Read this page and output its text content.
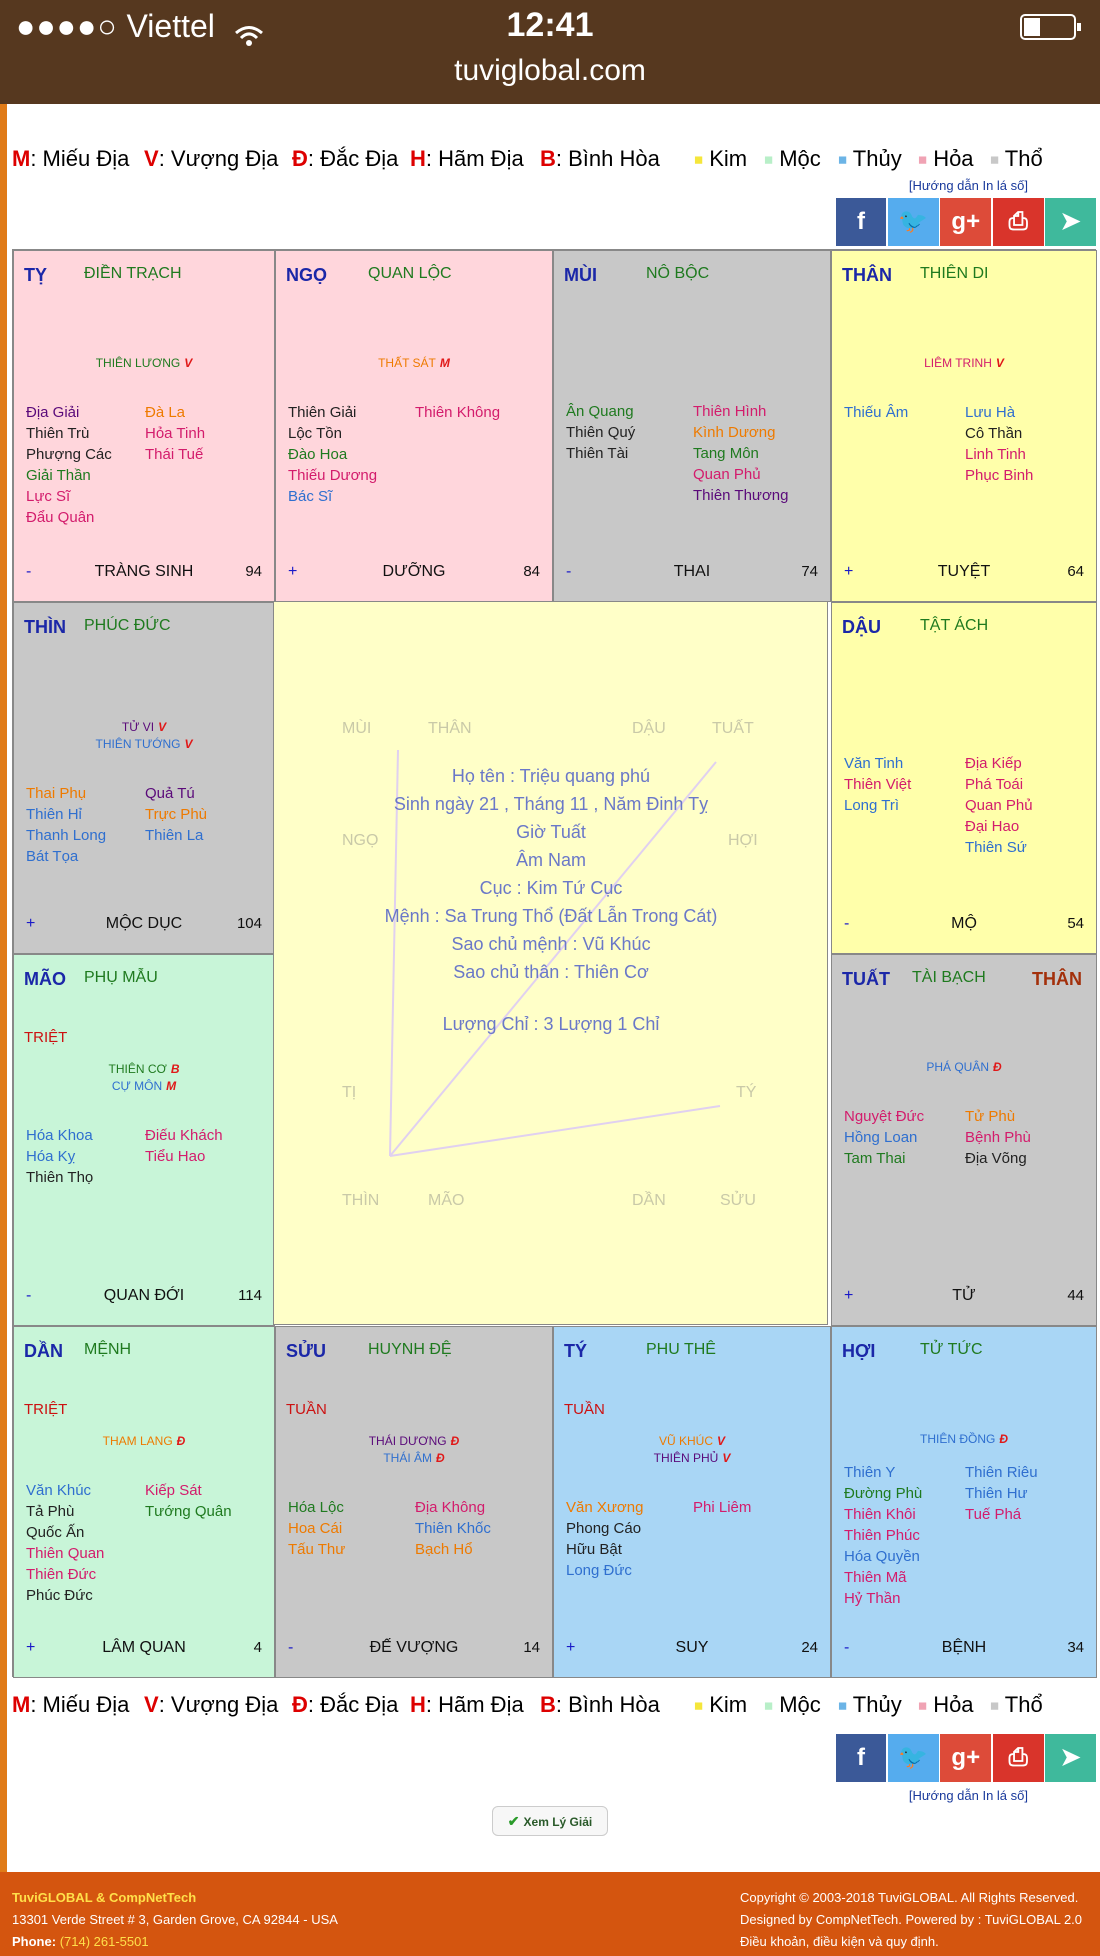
●●●●○ Viettel	12:41
tuviglobal.com
M: Miếu Địa V: Vượng Địa Đ: Đắc Địa H: Hãm Địa B: Bình Hòa ■ Kim ■ Mộc ■ Thủy ■ Hỏa ■ Thổ
[Hướng dẫn In lá số]
f	🐦 g+	⎙	➤
TỴ ĐIỀN TRẠCH
THIÊN LƯƠNG V
Địa Giải
Thiên Trù
Phượng Các
Giải Thần
Lực Sĩ
Đẩu Quân
Đà La
Hỏa Tinh
Thái Tuế
-	TRÀNG SINH	94
NGỌ	QUAN LỘC
THẤT SÁT M
Thiên Giải
Lộc Tồn
Đào Hoa
Thiếu Dương
Bác Sĩ
Thiên Không
+	DƯỠNG	84
MÙI	NÔ BỘC
Ân Quang
Thiên Quý
Thiên Tài
Thiên Hình
Kình Dương
Tang Môn
Quan Phủ
Thiên Thương
-	THAI	74
THÂN THIÊN DI
LIÊM TRINH V
Thiếu Âm	Lưu Hà
Cô Thần
Linh Tinh
Phục Binh
+	TUYỆT	64
THÌN PHÚC ĐỨC
TỬ VI V
THIÊN TƯỚNG V
Thai Phụ
Thiên Hỉ
Thanh Long
Bát Tọa
Quả Tú
Trực Phù
Thiên La
+	MỘC DỤC	104
DẬU TẬT ÁCH
Văn Tinh
Thiên Việt
Long Trì
Địa Kiếp
Phá Toái
Quan Phủ
Đại Hao
Thiên Sứ
-	MỘ	54
MÃO PHỤ MẪU
TRIỆT
THIÊN CƠ B
CỰ MÔN M
Hóa Khoa
Hóa Kỵ
Thiên Thọ
Điếu Khách
Tiểu Hao
-	QUAN ĐỚI	114
TUẤT TÀI BẠCH	THÂN
PHÁ QUÂN Đ
Nguyệt Đức
Hồng Loan
Tam Thai
Tử Phù
Bệnh Phù
Địa Võng
+	TỬ	44
DẦN MỆNH
TRIỆT
THAM LANG Đ
Văn Khúc
Tả Phù
Quốc Ấn
Thiên Quan
Thiên Đức
Phúc Đức
Kiếp Sát
Tướng Quân
+	LÂM QUAN	4
SỬU	HUYNH ĐỆ
TUẦN
THÁI DƯƠNG Đ
THÁI ÂM Đ
Hóa Lộc
Hoa Cái
Tấu Thư
Địa Không
Thiên Khốc
Bạch Hổ
-	ĐẾ VƯỢNG	14
TÝ	PHU THÊ
TUẦN
VŨ KHÚC V
THIÊN PHỦ V
Văn Xương
Phong Cáo
Hữu Bật
Long Đức
Phi Liêm
+	SUY	24
HỢI	TỬ TỨC
THIÊN ĐỒNG Đ
Thiên Y
Đường Phù
Thiên Khôi
Thiên Phúc
Hóa Quyền
Thiên Mã
Hỷ Thần
Thiên Riêu
Thiên Hư
Tuế Phá
-	BỆNH	34
MÙI	THÂN	DẬU	TUẤT
NGỌ	HỢI
TỊ	TÝ
THÌN	MÃO	DẦN	SỬU
Họ tên : Triệu quang phú
Sinh ngày 21 , Tháng 11 , Năm Đinh Tỵ
Giờ Tuất
Âm Nam
Cục : Kim Tứ Cục
Mệnh : Sa Trung Thổ (Đất Lẫn Trong Cát)
Sao chủ mệnh : Vũ Khúc
Sao chủ thân : Thiên Cơ
Lượng Chỉ : 3 Lượng 1 Chỉ
M: Miếu Địa V: Vượng Địa Đ: Đắc Địa H: Hãm Địa B: Bình Hòa ■ Kim ■ Mộc ■ Thủy ■ Hỏa ■ Thổ
f	🐦 g+	⎙	➤
[Hướng dẫn In lá số]
✔ Xem Lý Giải
TuviGLOBAL & CompNetTech
13301 Verde Street # 3, Garden Grove, CA 92844 - USA
Phone: (714) 261-5501
Copyright © 2003-2018 TuviGLOBAL. All Rights Reserved.
Designed by CompNetTech. Powered by : TuviGLOBAL 2.0
Điều khoản, điều kiện và quy định.
